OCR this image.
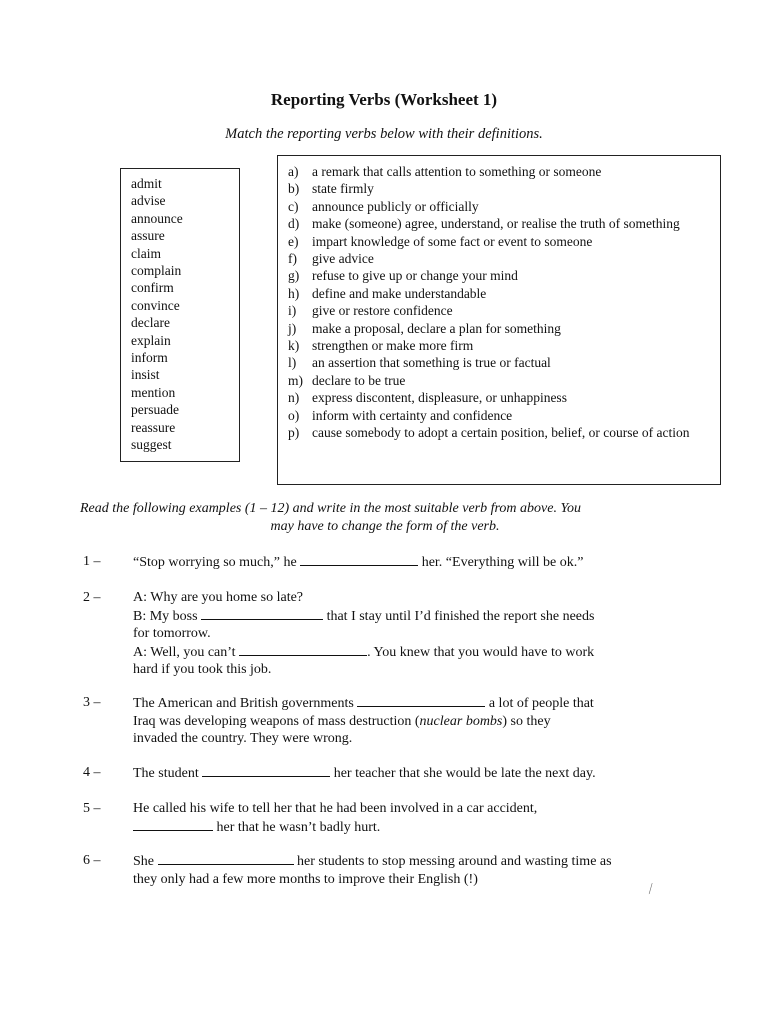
Reporting Verbs (Worksheet 1)
Match the reporting verbs below with their definitions.
admit
advise
announce
assure
claim
complain
confirm
convince
declare
explain
inform
insist
mention
persuade
reassure
suggest
a)	a remark that calls attention to something or someone
b) state firmly
c)	announce publicly or officially
d) make (someone) agree, understand, or realise the truth of something
e)	impart knowledge of some fact or event to someone
f)	give advice
g) refuse to give up or change your mind
h) define and make understandable
i)	give or restore confidence
j)	make a proposal, declare a plan for something
k) strengthen or make more firm
l)	an assertion that something is true or factual
m) declare to be true
n) express discontent, displeasure, or unhappiness
o) inform with certainty and confidence
p) cause somebody to adopt a certain position, belief, or course of action
Read the following examples (1 – 12) and write in the most suitable verb from above. You
may have to change the form of the verb.
1 –	“Stop worrying so much,” he	her. “Everything will be ok.”
2 –	A: Why are you home so late?
B: My boss	that I stay until I’d finished the report she needs
for tomorrow.
A: Well, you can’t	. You knew that you would have to work
hard if you took this job.
3 –	The American and British governments	a lot of people that
Iraq was developing weapons of mass destruction (nuclear bombs) so they
invaded the country. They were wrong.
4 –	The student	her teacher that she would be late the next day.
5 –	He called his wife to tell her that he had been involved in a car accident,
her that he wasn’t badly hurt.
6 –	She	her students to stop messing around and wasting time as
they only had a few more months to improve their English (!)
⁄
